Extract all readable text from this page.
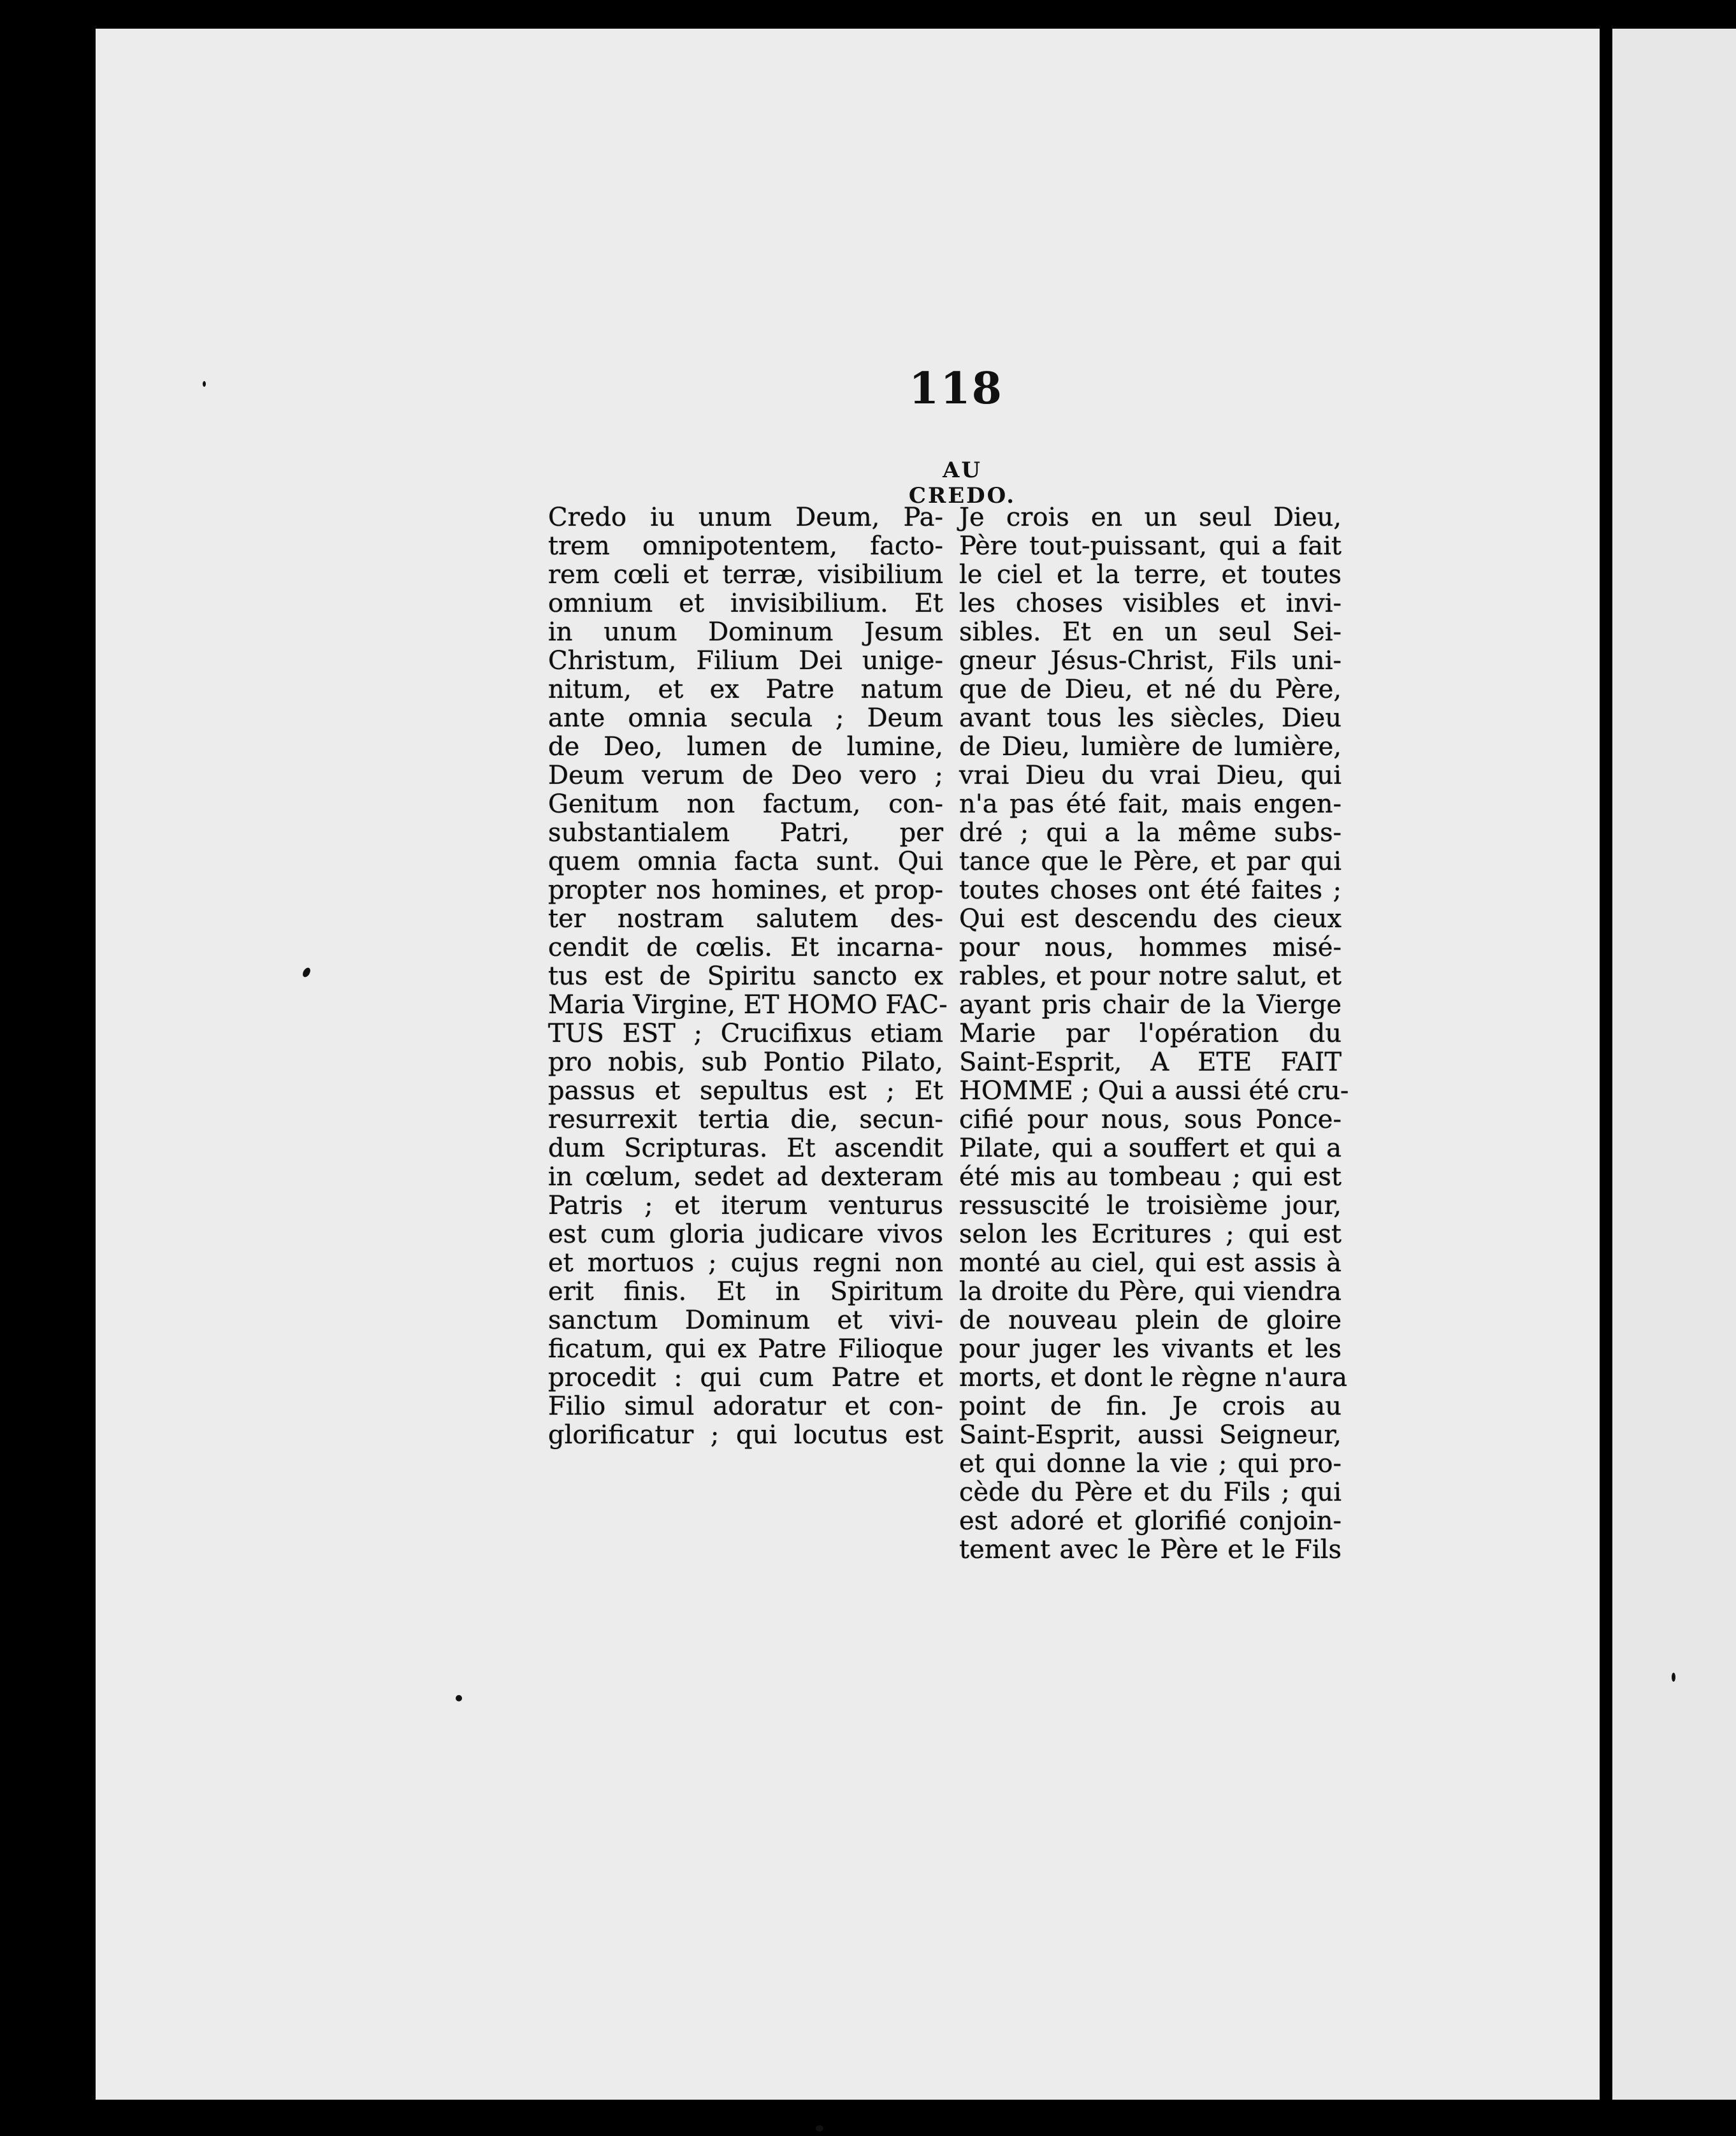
118
AU CREDO.
Credo iu unum Deum, Pa-
trem omnipotentem, facto-
rem cœli et terræ, visibilium
omnium et invisibilium. Et
in unum Dominum Jesum
Christum, Filium Dei unige-
nitum, et ex Patre natum
ante omnia secula ; Deum
de Deo, lumen de lumine,
Deum verum de Deo vero ;
Genitum non factum, con-
substantialem Patri, per
quem omnia facta sunt. Qui
propter nos homines, et prop-
ter nostram salutem des-
cendit de cœlis. Et incarna-
tus est de Spiritu sancto ex
Maria Virgine, ET HOMO FAC-
TUS EST ; Crucifixus etiam
pro nobis, sub Pontio Pilato,
passus et sepultus est ; Et
resurrexit tertia die, secun-
dum Scripturas. Et ascendit
in cœlum, sedet ad dexteram
Patris ; et iterum venturus
est cum gloria judicare vivos
et mortuos ; cujus regni non
erit finis. Et in Spiritum
sanctum Dominum et vivi-
ficatum, qui ex Patre Filioque
procedit : qui cum Patre et
Filio simul adoratur et con-
glorificatur ; qui locutus est
Je crois en un seul Dieu,
Père tout-puissant, qui a fait
le ciel et la terre, et toutes
les choses visibles et invi-
sibles. Et en un seul Sei-
gneur Jésus-Christ, Fils uni-
que de Dieu, et né du Père,
avant tous les siècles, Dieu
de Dieu, lumière de lumière,
vrai Dieu du vrai Dieu, qui
n'a pas été fait, mais engen-
dré ; qui a la même subs-
tance que le Père, et par qui
toutes choses ont été faites ;
Qui est descendu des cieux
pour nous, hommes misé-
rables, et pour notre salut, et
ayant pris chair de la Vierge
Marie par l'opération du
Saint-Esprit, A ETE FAIT
HOMME ; Qui a aussi été cru-
cifié pour nous, sous Ponce-
Pilate, qui a souffert et qui a
été mis au tombeau ; qui est
ressuscité le troisième jour,
selon les Ecritures ; qui est
monté au ciel, qui est assis à
la droite du Père, qui viendra
de nouveau plein de gloire
pour juger les vivants et les
morts, et dont le règne n'aura
point de fin. Je crois au
Saint-Esprit, aussi Seigneur,
et qui donne la vie ; qui pro-
cède du Père et du Fils ; qui
est adoré et glorifié conjoin-
tement avec le Père et le Fils
